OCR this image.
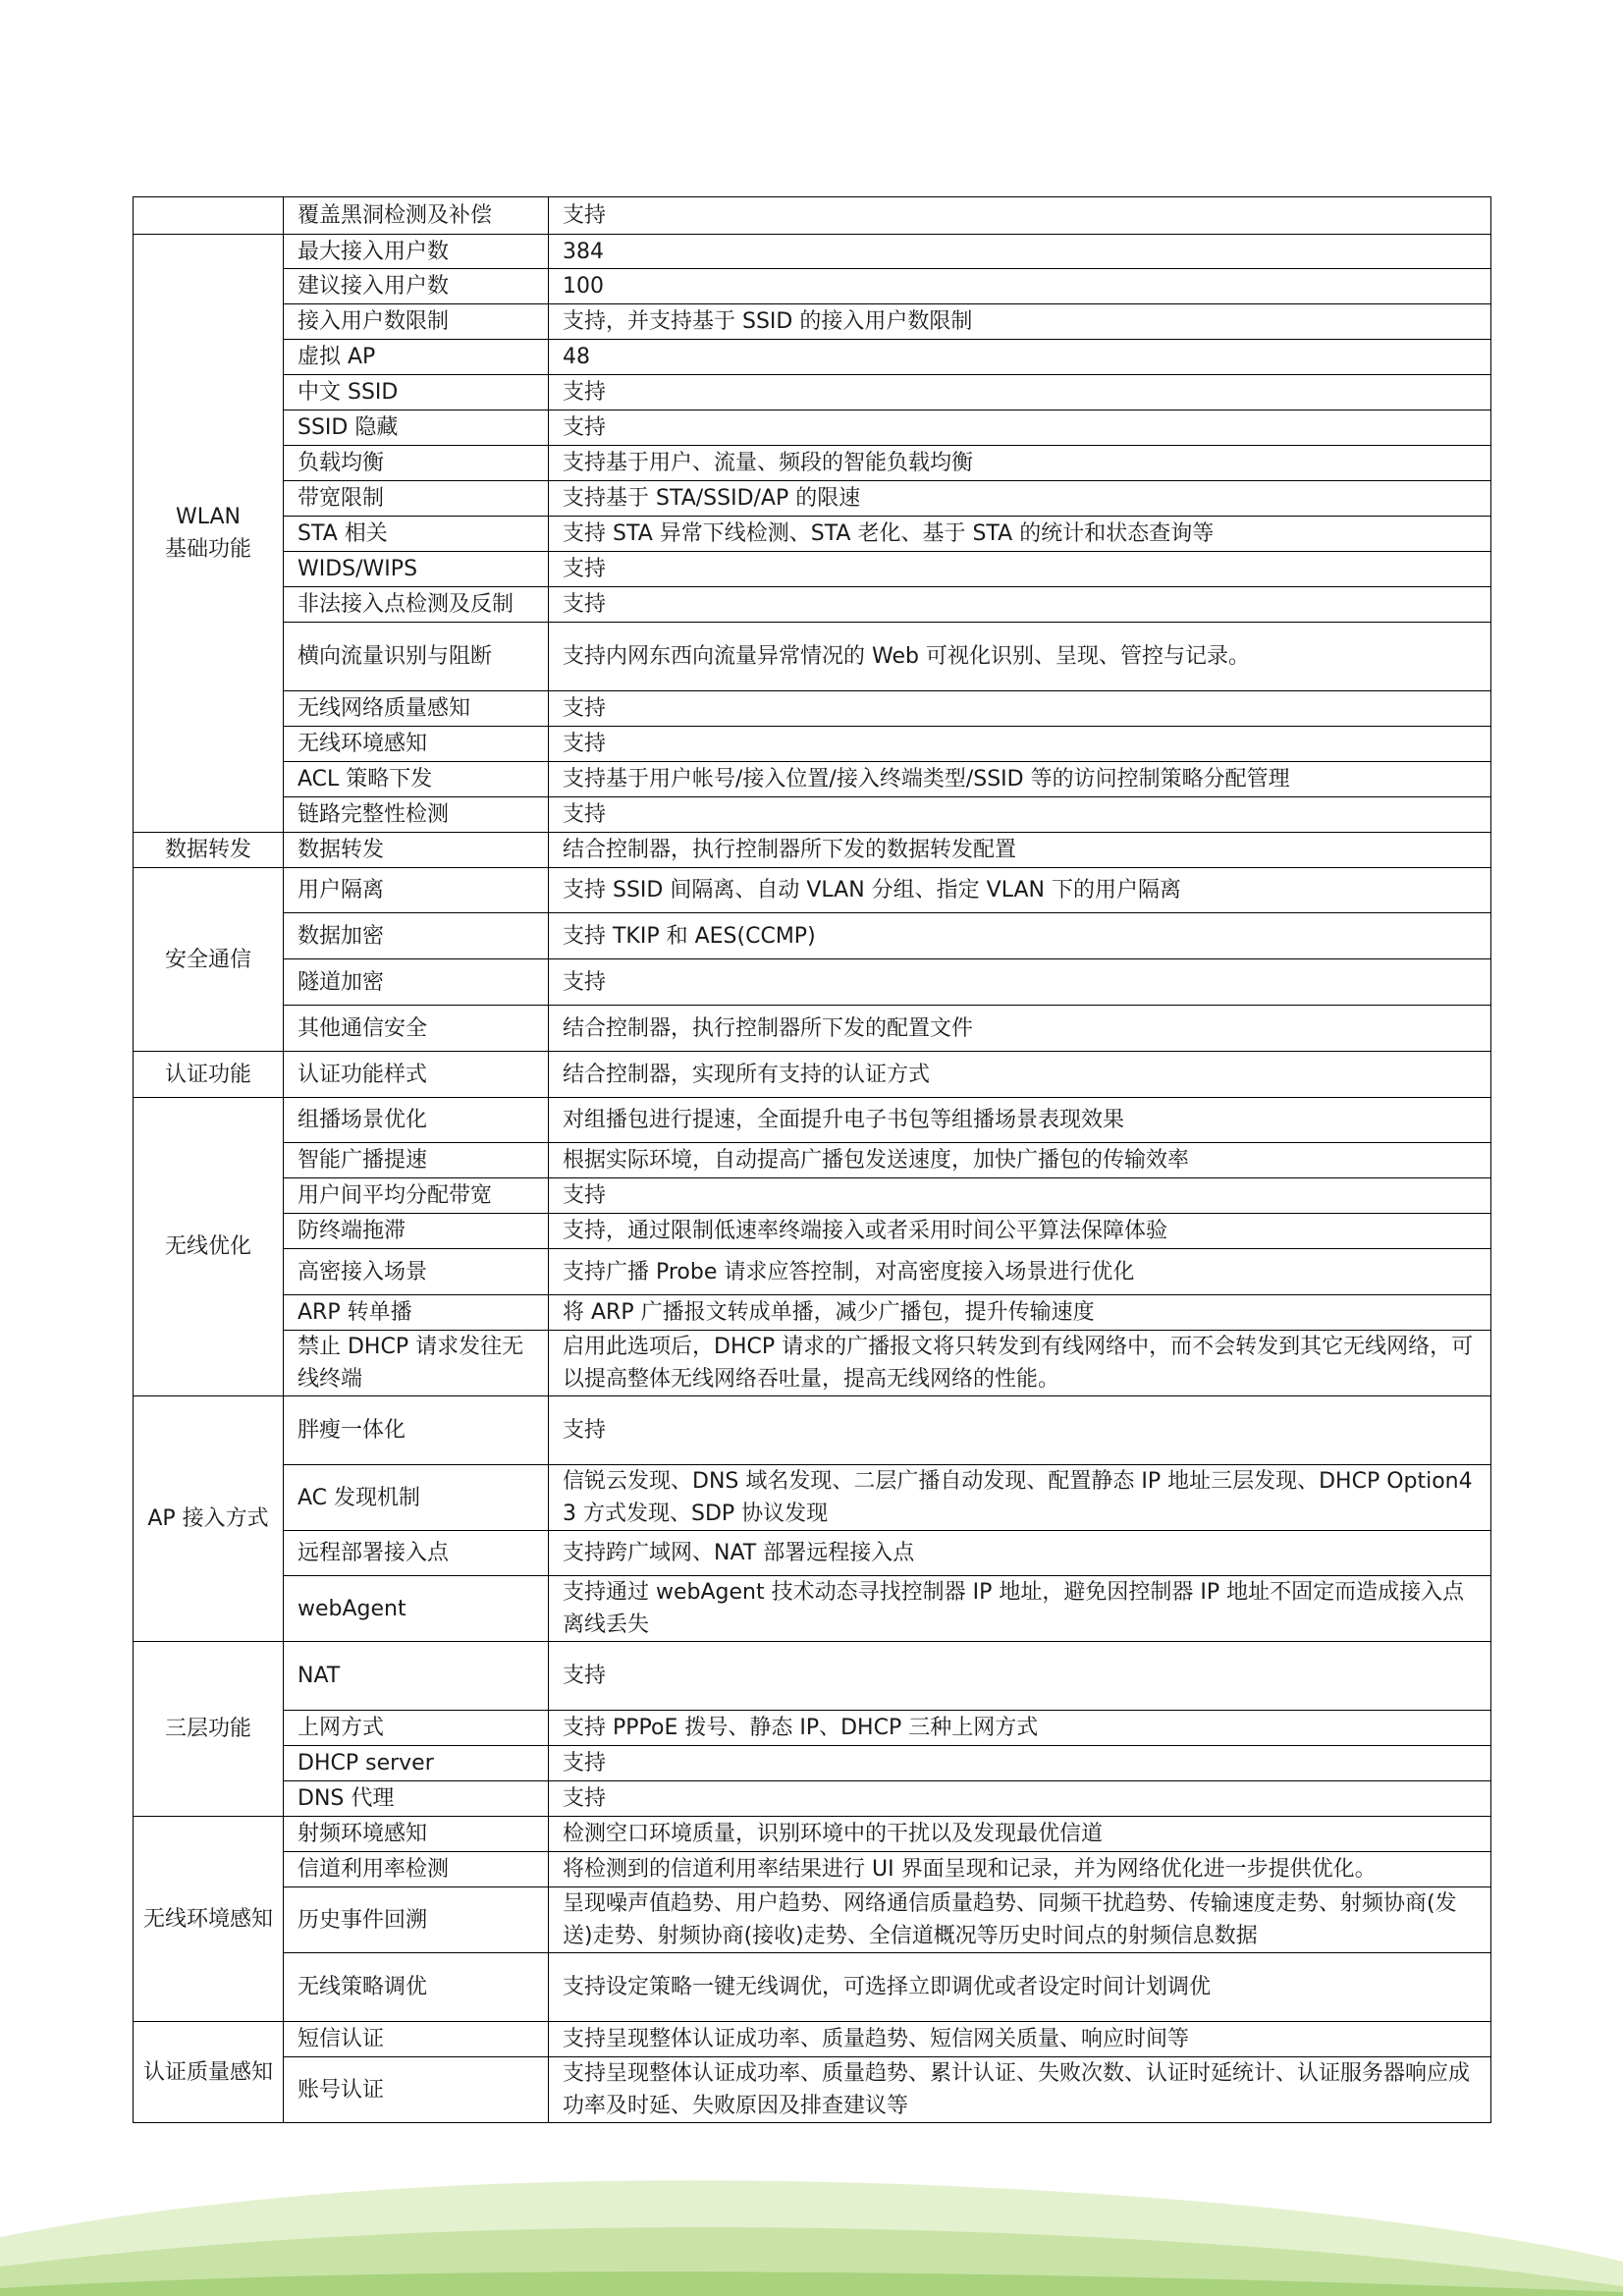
	覆盖黑洞检测及补偿	支持
WLAN
基础功能	最大接入用户数	384
	建议接入用户数	100
	接入用户数限制	支持，并支持基于 SSID 的接入用户数限制
	虚拟 AP	48
	中文 SSID	支持
	SSID 隐藏	支持
	负载均衡	支持基于用户、流量、频段的智能负载均衡
	带宽限制	支持基于 STA/SSID/AP 的限速
	STA 相关	支持 STA 异常下线检测、STA 老化、基于 STA 的统计和状态查询等
	WIDS/WIPS	支持
	非法接入点检测及反制	支持
	横向流量识别与阻断	支持内网东西向流量异常情况的 Web 可视化识别、呈现、管控与记录。
	无线网络质量感知	支持
	无线环境感知	支持
	ACL 策略下发	支持基于用户帐号/接入位置/接入终端类型/SSID 等的访问控制策略分配管理
	链路完整性检测	支持
数据转发	数据转发	结合控制器，执行控制器所下发的数据转发配置
安全通信	用户隔离	支持 SSID 间隔离、自动 VLAN 分组、指定 VLAN 下的用户隔离
	数据加密	支持 TKIP 和 AES(CCMP)
	隧道加密	支持
	其他通信安全	结合控制器，执行控制器所下发的配置文件
认证功能	认证功能样式	结合控制器，实现所有支持的认证方式
无线优化	组播场景优化	对组播包进行提速，全面提升电子书包等组播场景表现效果
	智能广播提速	根据实际环境，自动提高广播包发送速度，加快广播包的传输效率
	用户间平均分配带宽	支持
	防终端拖滞	支持，通过限制低速率终端接入或者采用时间公平算法保障体验
	高密接入场景	支持广播 Probe 请求应答控制，对高密度接入场景进行优化
	ARP 转单播	将 ARP 广播报文转成单播，减少广播包，提升传输速度
	禁止 DHCP 请求发往无线终端	启用此选项后，DHCP 请求的广播报文将只转发到有线网络中，而不会转发到其它无线网络，可以提高整体无线网络吞吐量，提高无线网络的性能。
AP 接入方式	胖瘦一体化	支持
	AC 发现机制	信锐云发现、DNS 域名发现、二层广播自动发现、配置静态 IP 地址三层发现、DHCP Option43 方式发现、SDP 协议发现
	远程部署接入点	支持跨广域网、NAT 部署远程接入点
	webAgent	支持通过 webAgent 技术动态寻找控制器 IP 地址，避免因控制器 IP 地址不固定而造成接入点离线丢失
三层功能	NAT	支持
	上网方式	支持 PPPoE 拨号、静态 IP、DHCP 三种上网方式
	DHCP server	支持
	DNS 代理	支持
无线环境感知	射频环境感知	检测空口环境质量，识别环境中的干扰以及发现最优信道
	信道利用率检测	将检测到的信道利用率结果进行 UI 界面呈现和记录，并为网络优化进一步提供优化。
	历史事件回溯	呈现噪声值趋势、用户趋势、网络通信质量趋势、同频干扰趋势、传输速度走势、射频协商(发送)走势、射频协商(接收)走势、全信道概况等历史时间点的射频信息数据
	无线策略调优	支持设定策略一键无线调优，可选择立即调优或者设定时间计划调优
认证质量感知	短信认证	支持呈现整体认证成功率、质量趋势、短信网关质量、响应时间等
	账号认证	支持呈现整体认证成功率、质量趋势、累计认证、失败次数、认证时延统计、认证服务器响应成功率及时延、失败原因及排查建议等
